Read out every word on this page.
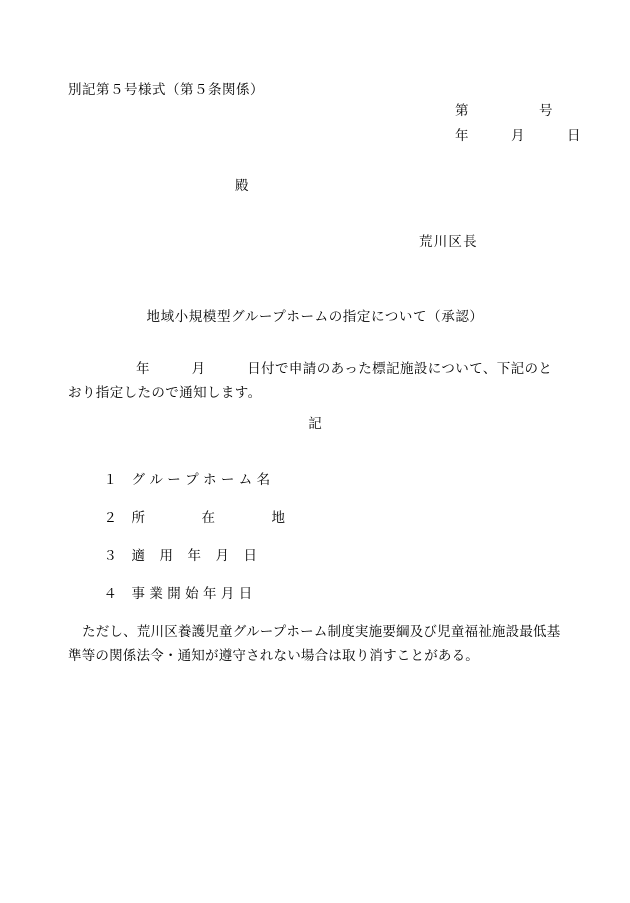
別記第５号様式（第５条関係）
第　　　　　号
年　　　月　　　日
殿
荒川区長
地域小規模型グループホームの指定について（承認）
年　　　月　　　日付で申請のあった標記施設について、下記のとおり指定したので通知します。
記

１ グ ル ー プ ホ ー ム 名

２ 所　　　　在　　　　地

３ 適　用　年　月　日

４ 事 業 開 始 年 月 日

ただし、荒川区養護児童グループホーム制度実施要綱及び児童福祉施設最低基準等の関係法令・通知が遵守されない場合は取り消すことがある。
